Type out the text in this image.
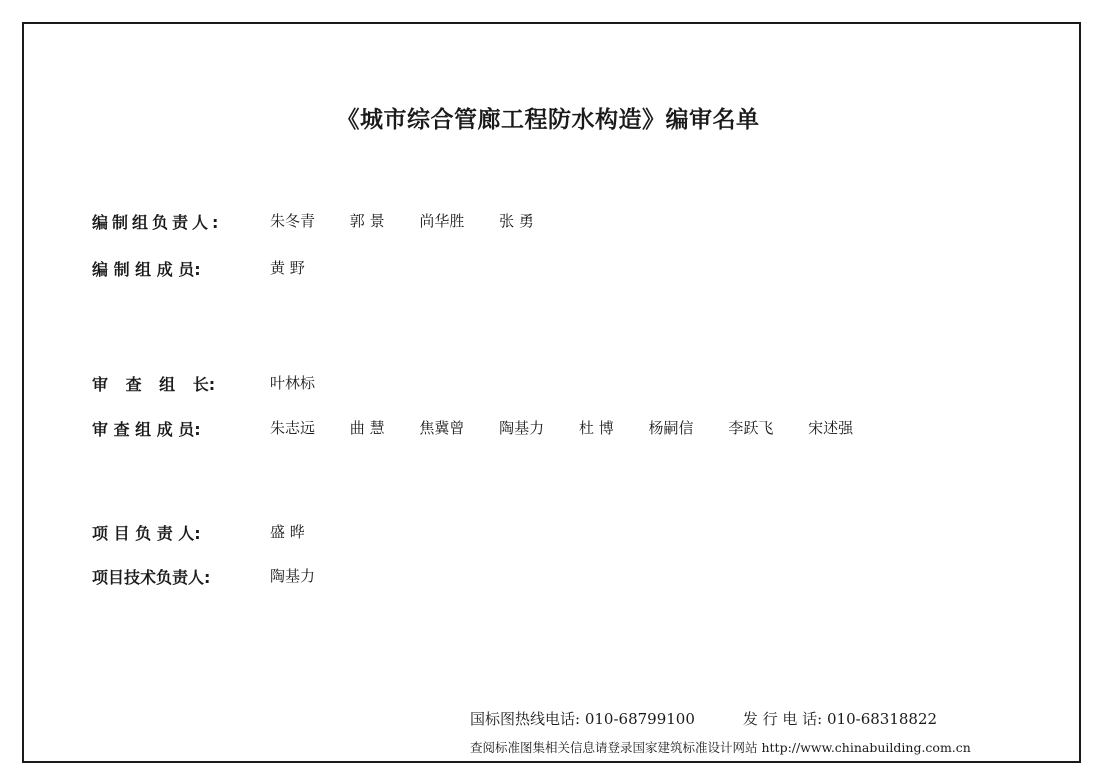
《城市综合管廊工程防水构造》编审名单
编制组负责人:	朱冬青 郭 景 尚华胜 张 勇
编 制 组 成 员:	黄 野
审 查 组 长:	叶林标
审 查 组 成 员:	朱志远 曲 慧 焦冀曾 陶基力 杜 博 杨嗣信 李跃飞 宋述强
项 目 负 责 人:	盛 晔
项目技术负责人:	陶基力
国标图热线电话: 010-68799100	发 行 电 话: 010-68318822
查阅标准图集相关信息请登录国家建筑标准设计网站 http://www.chinabuilding.com.cn
